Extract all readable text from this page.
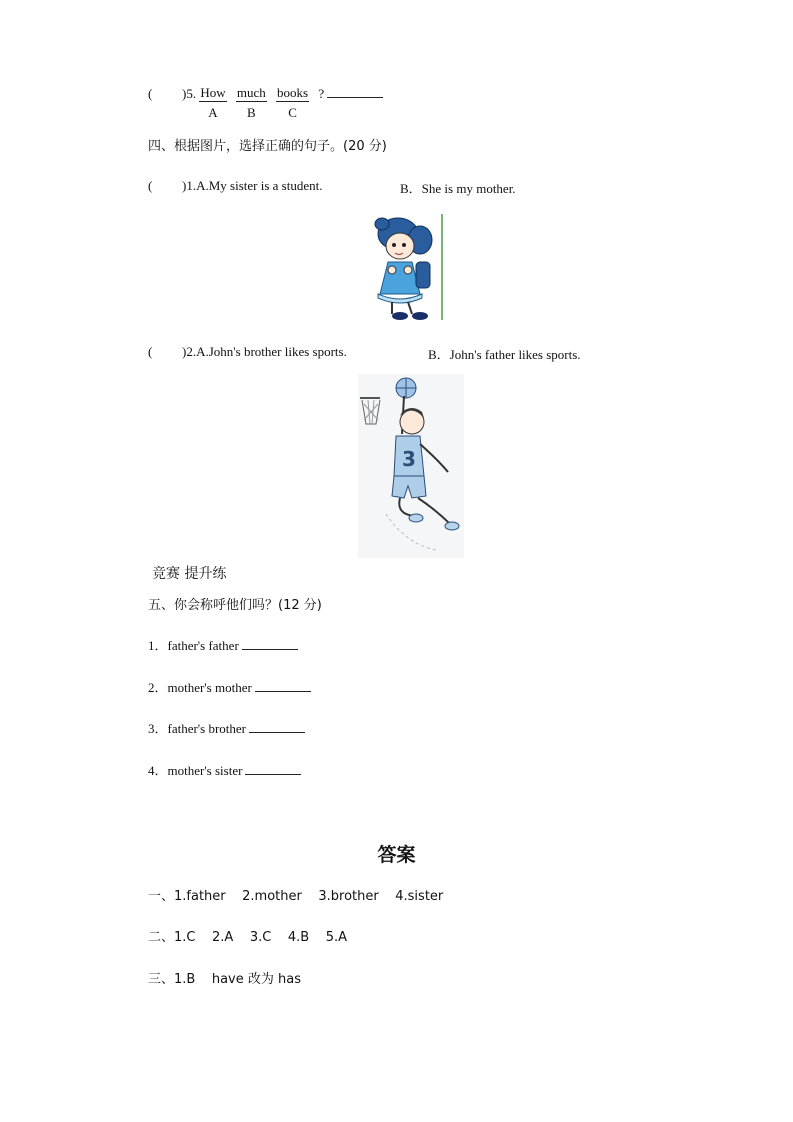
( )5. How
A

much
B

books
C
?
四、根据图片，选择正确的句子。(20 分)
( )1.A.My sister is a student.	B．She is my mother.
( )2.A.John's brother likes sports.	B．John's father likes sports.
3
竞赛 提升练
五、你会称呼他们吗？(12 分)
1．father's father
2．mother's mother
3．father's brother
4．mother's sister
答案
一、1.father    2.mother    3.brother    4.sister
二、1.C    2.A    3.C    4.B    5.A
三、1.B    have 改为 has
